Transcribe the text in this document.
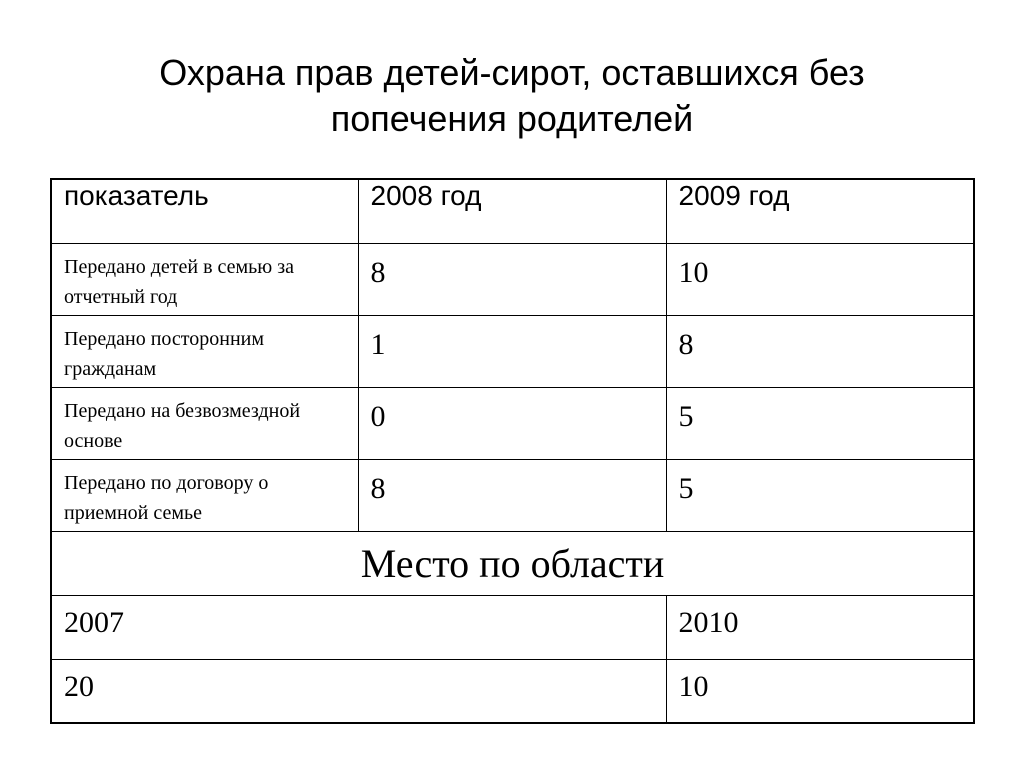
Охрана прав детей-сирот, оставшихся без
попечения родителей
показатель	2008 год	2009 год
Передано детей в семью за отчетный год	8	10
Передано посторонним гражданам	1	8
Передано на безвозмездной основе	0	5
Передано по договору о приемной семье	8	5
Место по области		
2007		2010
20		10
